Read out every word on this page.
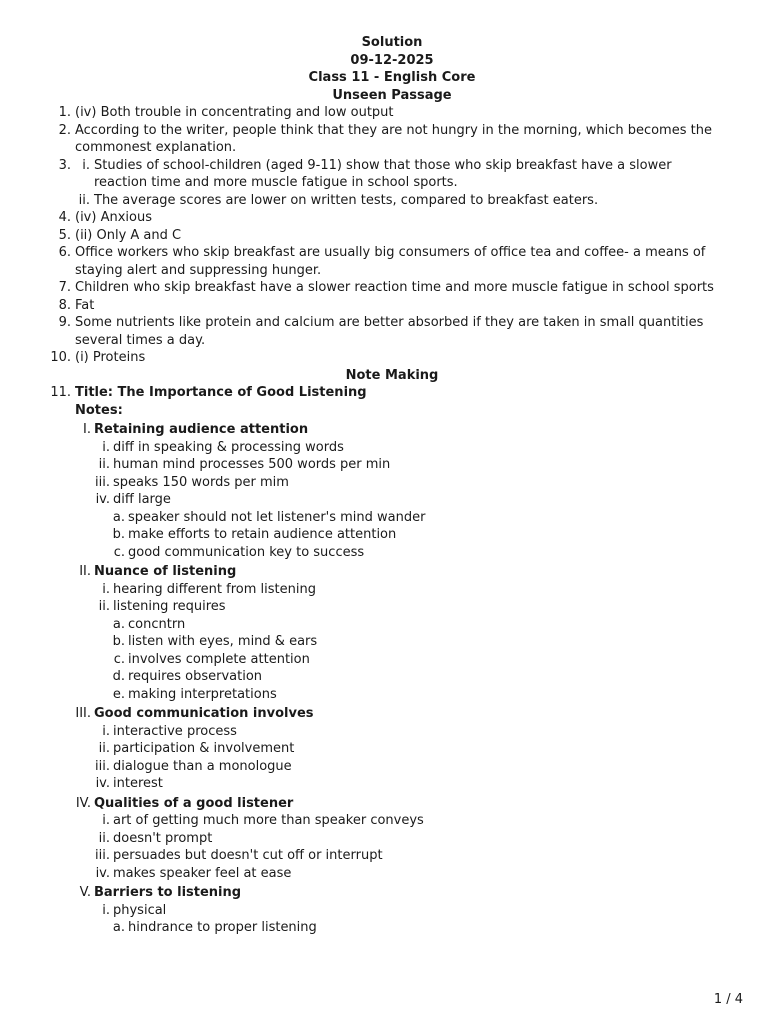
Solution
09-12-2025
Class 11 - English Core
Unseen Passage
1. (iv) Both trouble in concentrating and low output
2. According to the writer, people think that they are not hungry in the morning, which becomes the commonest explanation.
3. i. Studies of school-children (aged 9-11) show that those who skip breakfast have a slower reaction time and more muscle fatigue in school sports.
ii. The average scores are lower on written tests, compared to breakfast eaters.
4. (iv) Anxious
5. (ii) Only A and C
6. Office workers who skip breakfast are usually big consumers of office tea and coffee- a means of staying alert and suppressing hunger.
7. Children who skip breakfast have a slower reaction time and more muscle fatigue in school sports
8. Fat
9. Some nutrients like protein and calcium are better absorbed if they are taken in small quantities several times a day.
10. (i) Proteins
Note Making
11. Title: The Importance of Good Listening
Notes:
I. Retaining audience attention
i. diff in speaking & processing words
ii. human mind processes 500 words per min
iii. speaks 150 words per mim
iv. diff large
a. speaker should not let listener's mind wander
b. make efforts to retain audience attention
c. good communication key to success
II. Nuance of listening
i. hearing different from listening
ii. listening requires
a. concntrn
b. listen with eyes, mind & ears
c. involves complete attention
d. requires observation
e. making interpretations
III. Good communication involves
i. interactive process
ii. participation & involvement
iii. dialogue than a monologue
iv. interest
IV. Qualities of a good listener
i. art of getting much more than speaker conveys
ii. doesn't prompt
iii. persuades but doesn't cut off or interrupt
iv. makes speaker feel at ease
V. Barriers to listening
i. physical
a. hindrance to proper listening
1 / 4
